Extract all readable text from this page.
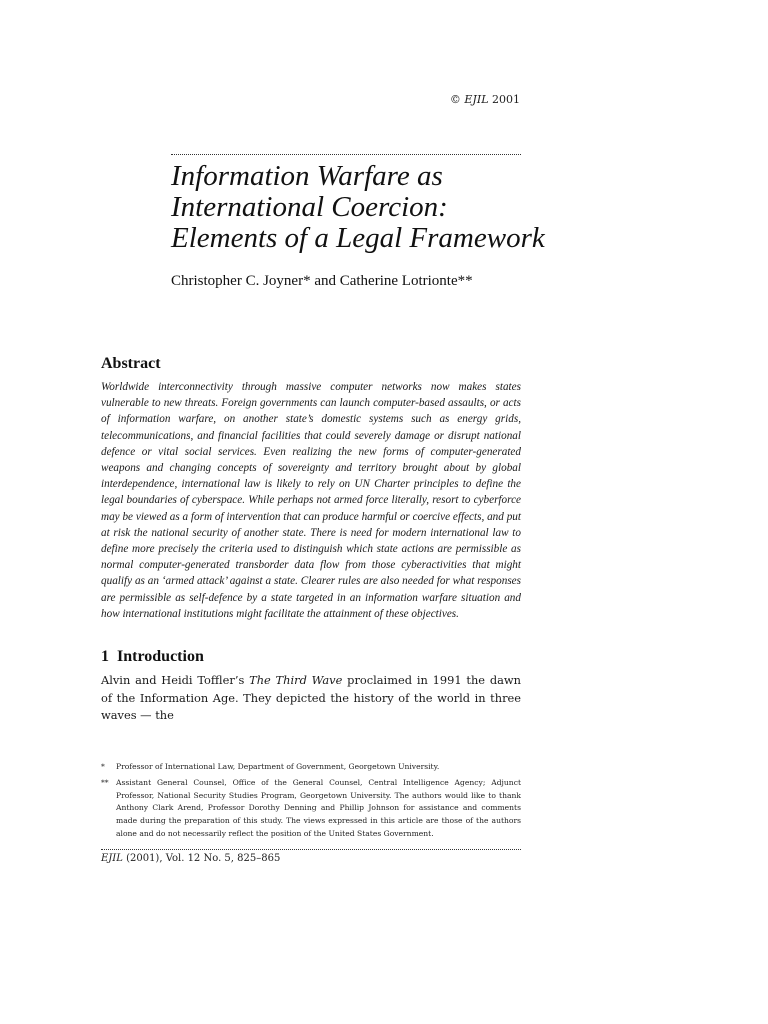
© EJIL 2001
Information Warfare as
International Coercion:
Elements of a Legal Framework
Christopher C. Joyner* and Catherine Lotrionte**
Abstract

Worldwide interconnectivity through massive computer networks now makes states vulnerable to new threats. Foreign governments can launch computer-based assaults, or acts of information warfare, on another state’s domestic systems such as energy grids, telecommunications, and financial facilities that could severely damage or disrupt national defence or vital social services. Even realizing the new forms of computer-generated weapons and changing concepts of sovereignty and territory brought about by global interdependence, international law is likely to rely on UN Charter principles to define the legal boundaries of cyberspace. While perhaps not armed force literally, resort to cyberforce may be viewed as a form of intervention that can produce harmful or coercive effects, and put at risk the national security of another state. There is need for modern international law to define more precisely the criteria used to distinguish which state actions are permissible as normal computer-generated transborder data flow from those cyberactivities that might qualify as an ‘armed attack’ against a state. Clearer rules are also needed for what responses are permissible as self-defence by a state targeted in an information warfare situation and how international institutions might facilitate the attainment of these objectives.

1 Introduction

Alvin and Heidi Toffler’s The Third Wave proclaimed in 1991 the dawn of the Information Age. They depicted the history of the world in three waves — the

* Professor of International Law, Department of Government, Georgetown University.

** Assistant General Counsel, Office of the General Counsel, Central Intelligence Agency; Adjunct Professor, National Security Studies Program, Georgetown University. The authors would like to thank Anthony Clark Arend, Professor Dorothy Denning and Phillip Johnson for assistance and comments made during the preparation of this study. The views expressed in this article are those of the authors alone and do not necessarily reflect the position of the United States Government.

EJIL (2001), Vol. 12 No. 5, 825–865
